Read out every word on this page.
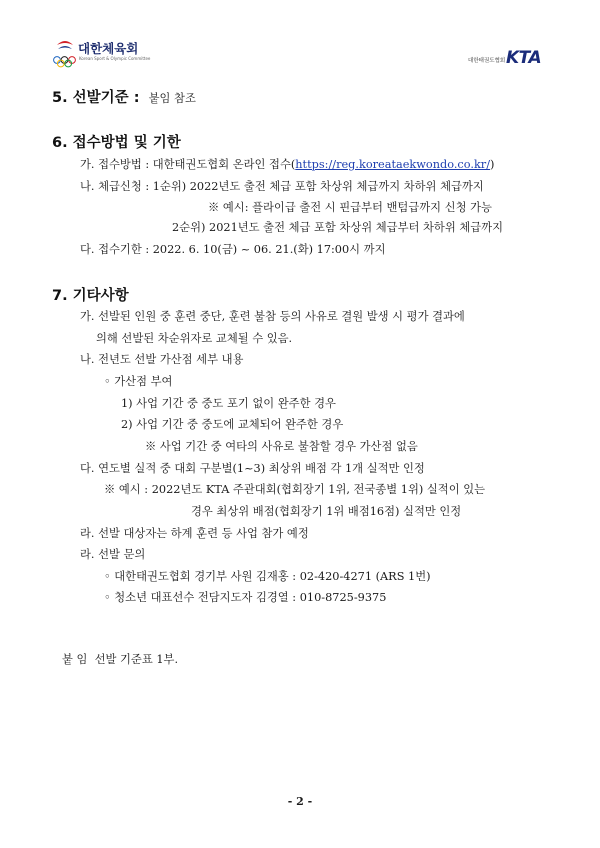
대한체육회
Korean Sport & Olympic Committee	대한태권도협회 KTA
5. 선발기준 : 붙임 참조
6. 접수방법 및 기한
가. 접수방법 : 대한태권도협회 온라인 접수(https://reg.koreataekwondo.co.kr/)
나. 체급신청 : 1순위) 2022년도 출전 체급 포함 차상위 체급까지 차하위 체급까지
※ 예시: 플라이급 출전 시 핀급부터 밴텀급까지 신청 가능
2순위) 2021년도 출전 체급 포함 차상위 체급부터 차하위 체급까지
다. 접수기한 : 2022. 6. 10(금) ~ 06. 21.(화) 17:00시 까지
7. 기타사항
가. 선발된 인원 중 훈련 중단, 훈련 불참 등의 사유로 결원 발생 시 평가 결과에
의해 선발된 차순위자로 교체될 수 있음.
나. 전년도 선발 가산점 세부 내용
◦ 가산점 부여
1) 사업 기간 중 중도 포기 없이 완주한 경우
2) 사업 기간 중 중도에 교체되어 완주한 경우
※ 사업 기간 중 여타의 사유로 불참할 경우 가산점 없음
다. 연도별 실적 중 대회 구분별(1~3) 최상위 배점 각 1개 실적만 인정
※ 예시 : 2022년도 KTA 주관대회(협회장기 1위, 전국종별 1위) 실적이 있는
경우 최상위 배점(협회장기 1위 배점16점) 실적만 인정
라. 선발 대상자는 하계 훈련 등 사업 참가 예정
라. 선발 문의
◦ 대한태권도협회 경기부 사원 김재홍 : 02-420-4271 (ARS 1번)
◦ 청소년 대표선수 전담지도자 김경열 : 010-8725-9375
붙 임  선발 기준표 1부.
- 2 -
